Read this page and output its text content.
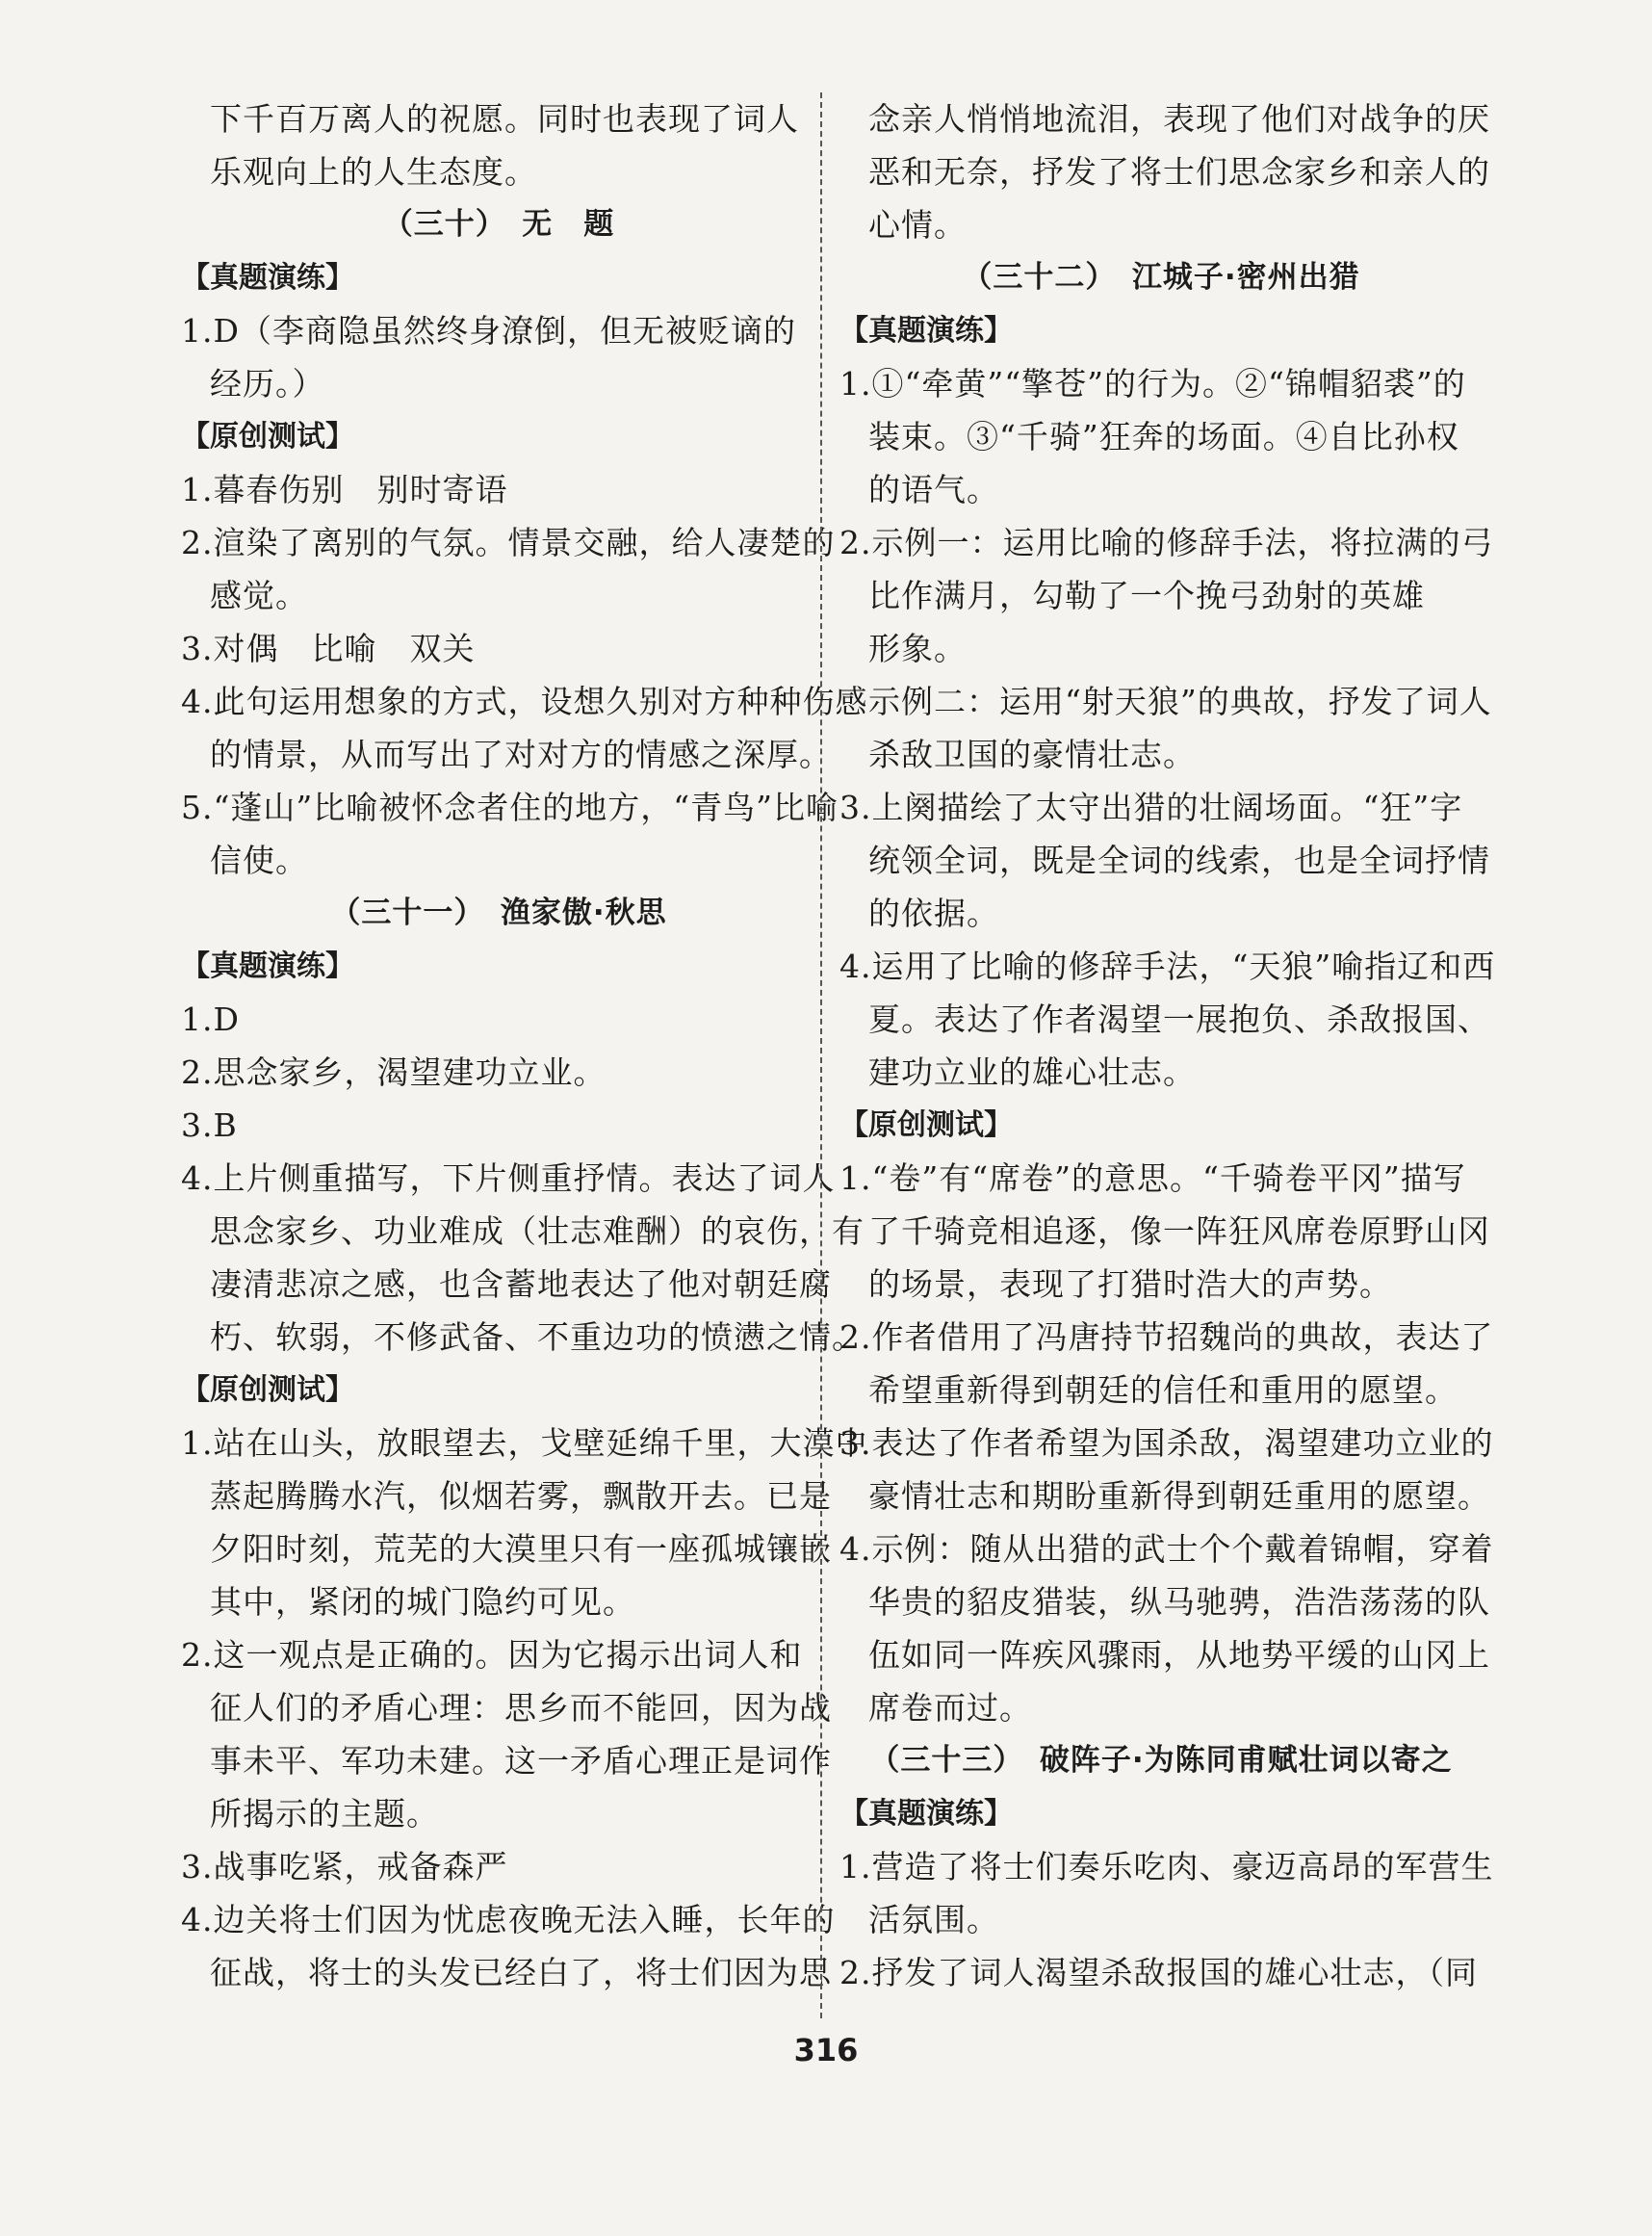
下千百万离人的祝愿。同时也表现了词人
乐观向上的人生态度。
（三十）　无　题
【真题演练】
1.D（李商隐虽然终身潦倒，但无被贬谪的
经历。）
【原创测试】
1.暮春伤别　别时寄语
2.渲染了离别的气氛。情景交融，给人凄楚的
感觉。
3.对偶　比喻　双关
4.此句运用想象的方式，设想久别对方种种伤感
的情景，从而写出了对对方的情感之深厚。
5.“蓬山”比喻被怀念者住的地方，“青鸟”比喻
信使。
（三十一）　渔家傲·秋思
【真题演练】
1.D
2.思念家乡，渴望建功立业。
3.B
4.上片侧重描写，下片侧重抒情。表达了词人
思念家乡、功业难成（壮志难酬）的哀伤，有
凄清悲凉之感，也含蓄地表达了他对朝廷腐
朽、软弱，不修武备、不重边功的愤懑之情。
【原创测试】
1.站在山头，放眼望去，戈壁延绵千里，大漠中
蒸起腾腾水汽，似烟若雾，飘散开去。已是
夕阳时刻，荒芜的大漠里只有一座孤城镶嵌
其中，紧闭的城门隐约可见。
2.这一观点是正确的。因为它揭示出词人和
征人们的矛盾心理：思乡而不能回，因为战
事未平、军功未建。这一矛盾心理正是词作
所揭示的主题。
3.战事吃紧，戒备森严
4.边关将士们因为忧虑夜晚无法入睡，长年的
征战，将士的头发已经白了，将士们因为思
念亲人悄悄地流泪，表现了他们对战争的厌
恶和无奈，抒发了将士们思念家乡和亲人的
心情。
（三十二）　江城子·密州出猎
【真题演练】
1.①“牵黄”“擎苍”的行为。②“锦帽貂裘”的
装束。③“千骑”狂奔的场面。④自比孙权
的语气。
2.示例一：运用比喻的修辞手法，将拉满的弓
比作满月，勾勒了一个挽弓劲射的英雄
形象。
示例二：运用“射天狼”的典故，抒发了词人
杀敌卫国的豪情壮志。
3.上阕描绘了太守出猎的壮阔场面。“狂”字
统领全词，既是全词的线索，也是全词抒情
的依据。
4.运用了比喻的修辞手法，“天狼”喻指辽和西
夏。表达了作者渴望一展抱负、杀敌报国、
建功立业的雄心壮志。
【原创测试】
1.“卷”有“席卷”的意思。“千骑卷平冈”描写
了千骑竞相追逐，像一阵狂风席卷原野山冈
的场景，表现了打猎时浩大的声势。
2.作者借用了冯唐持节招魏尚的典故，表达了
希望重新得到朝廷的信任和重用的愿望。
3.表达了作者希望为国杀敌，渴望建功立业的
豪情壮志和期盼重新得到朝廷重用的愿望。
4.示例：随从出猎的武士个个戴着锦帽，穿着
华贵的貂皮猎装，纵马驰骋，浩浩荡荡的队
伍如同一阵疾风骤雨，从地势平缓的山冈上
席卷而过。
（三十三）　破阵子·为陈同甫赋壮词以寄之
【真题演练】
1.营造了将士们奏乐吃肉、豪迈高昂的军营生
活氛围。
2.抒发了词人渴望杀敌报国的雄心壮志，（同
316
